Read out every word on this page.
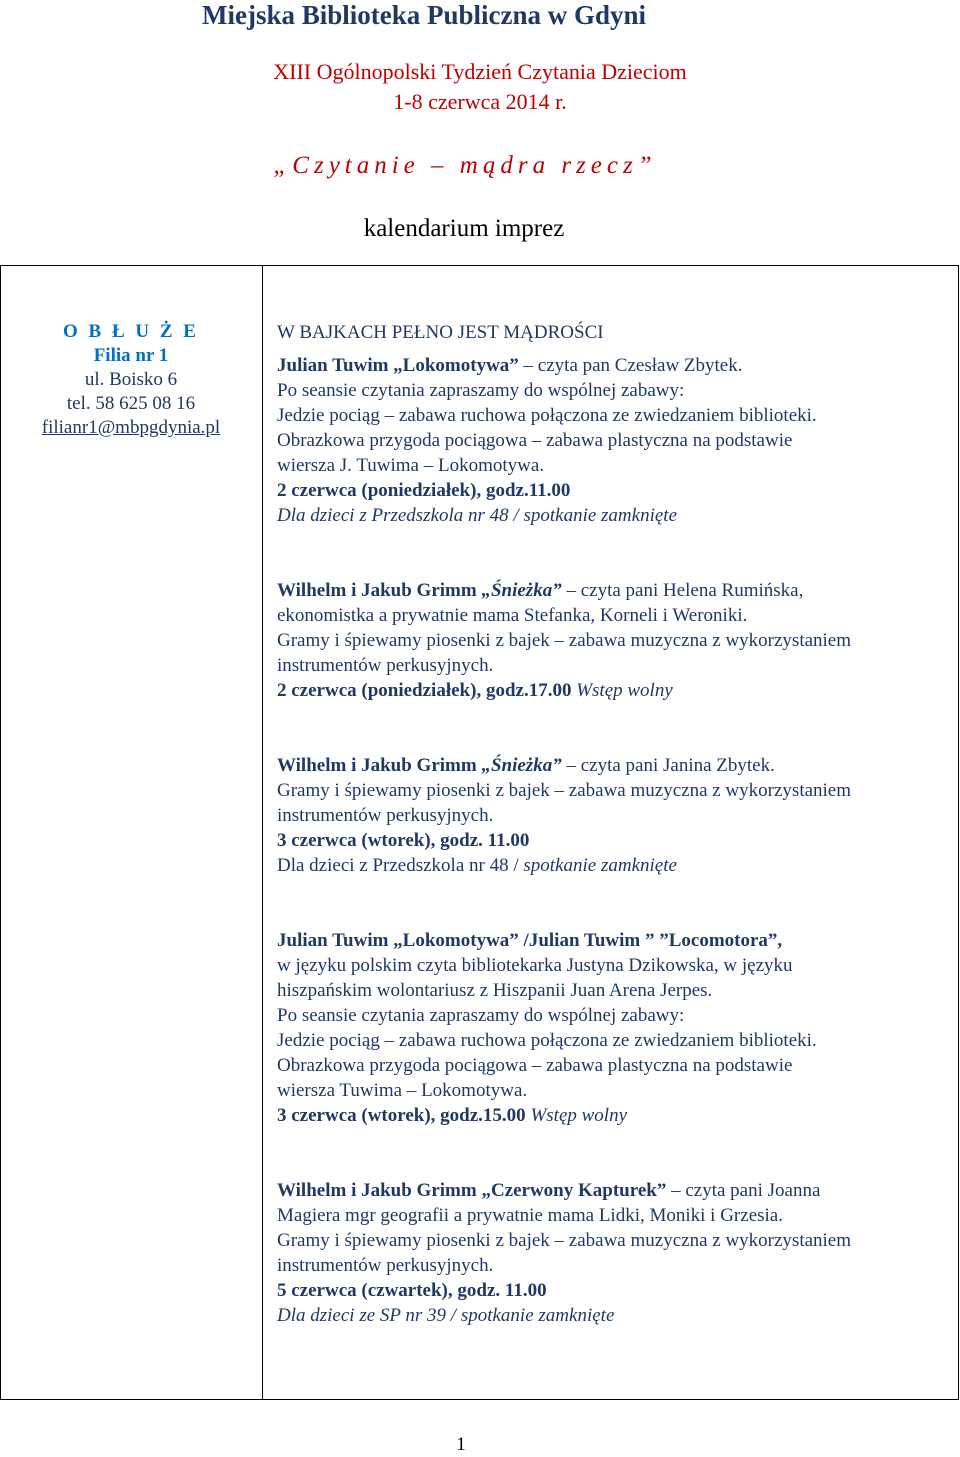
Miejska Biblioteka Publiczna w Gdyni
XIII Ogólnopolski Tydzień Czytania Dzieciom
1-8 czerwca 2014 r.
„Czytanie – mądra rzecz”
kalendarium imprez
O B Ł U Ż E
Filia nr 1
ul. Boisko 6
tel. 58 625 08 16
filianr1@mbpgdynia.pl
W BAJKACH PEŁNO JEST MĄDROŚCI

Julian Tuwim „Lokomotywa” – czyta pan Czesław Zbytek.

Po seansie czytania zapraszamy do wspólnej zabawy:

Jedzie pociąg – zabawa ruchowa połączona ze zwiedzaniem biblioteki.

Obrazkowa przygoda pociągowa – zabawa plastyczna na podstawie

wiersza J. Tuwima – Lokomotywa.

2 czerwca (poniedziałek), godz.11.00

Dla dzieci z Przedszkola nr 48 / spotkanie zamknięte

Wilhelm i Jakub Grimm „Śnieżka” – czyta pani Helena Rumińska,

ekonomistka a prywatnie mama Stefanka, Korneli i Weroniki.

Gramy i śpiewamy piosenki z bajek – zabawa muzyczna z wykorzystaniem

instrumentów perkusyjnych.

2 czerwca (poniedziałek), godz.17.00 Wstęp wolny

Wilhelm i Jakub Grimm „Śnieżka” – czyta pani Janina Zbytek.

Gramy i śpiewamy piosenki z bajek – zabawa muzyczna z wykorzystaniem

instrumentów perkusyjnych.

3 czerwca (wtorek), godz. 11.00

Dla dzieci z Przedszkola nr 48 / spotkanie zamknięte

Julian Tuwim „Lokomotywa” /Julian Tuwim ” ”Locomotora”,

w języku polskim czyta bibliotekarka Justyna Dzikowska, w języku

hiszpańskim wolontariusz z Hiszpanii Juan Arena Jerpes.

Po seansie czytania zapraszamy do wspólnej zabawy:

Jedzie pociąg – zabawa ruchowa połączona ze zwiedzaniem biblioteki.

Obrazkowa przygoda pociągowa – zabawa plastyczna na podstawie

wiersza Tuwima – Lokomotywa.

3 czerwca (wtorek), godz.15.00 Wstęp wolny

Wilhelm i Jakub Grimm „Czerwony Kapturek” – czyta pani Joanna

Magiera mgr geografii a prywatnie mama Lidki, Moniki i Grzesia.

Gramy i śpiewamy piosenki z bajek – zabawa muzyczna z wykorzystaniem

instrumentów perkusyjnych.

5 czerwca (czwartek), godz. 11.00

Dla dzieci ze SP nr 39 / spotkanie zamknięte

1
